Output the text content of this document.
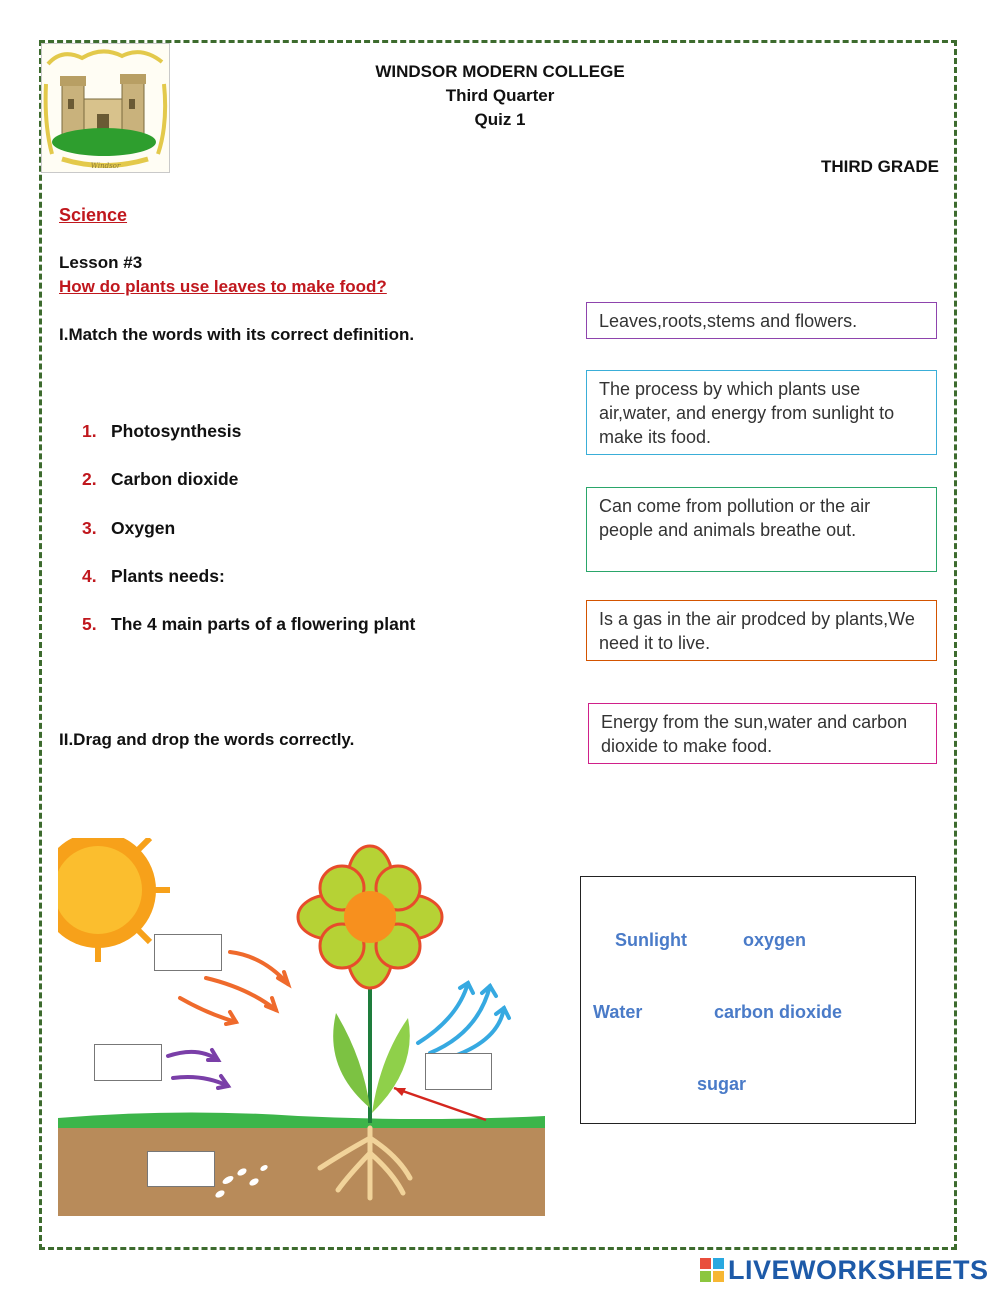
Windsor
WINDSOR MODERN COLLEGE
Third Quarter
Quiz 1
THIRD GRADE
Science
Lesson #3
How do plants use leaves to make food?
I.Match the words with its correct definition.
1. Photosynthesis
2. Carbon dioxide
3. Oxygen
4. Plants needs:
5. The 4 main parts of a flowering plant
Leaves,roots,stems and flowers.
The process by which plants use air,water, and energy from sunlight to make its food.
Can come from pollution or the air people and animals breathe out.
Is a gas in the air prodced by plants,We need it to live.
Energy from the sun,water and carbon dioxide to make food.
II.Drag and drop the words correctly.
Sunlight	oxygen
Water	carbon dioxide
sugar
LIVEWORKSHEETS
